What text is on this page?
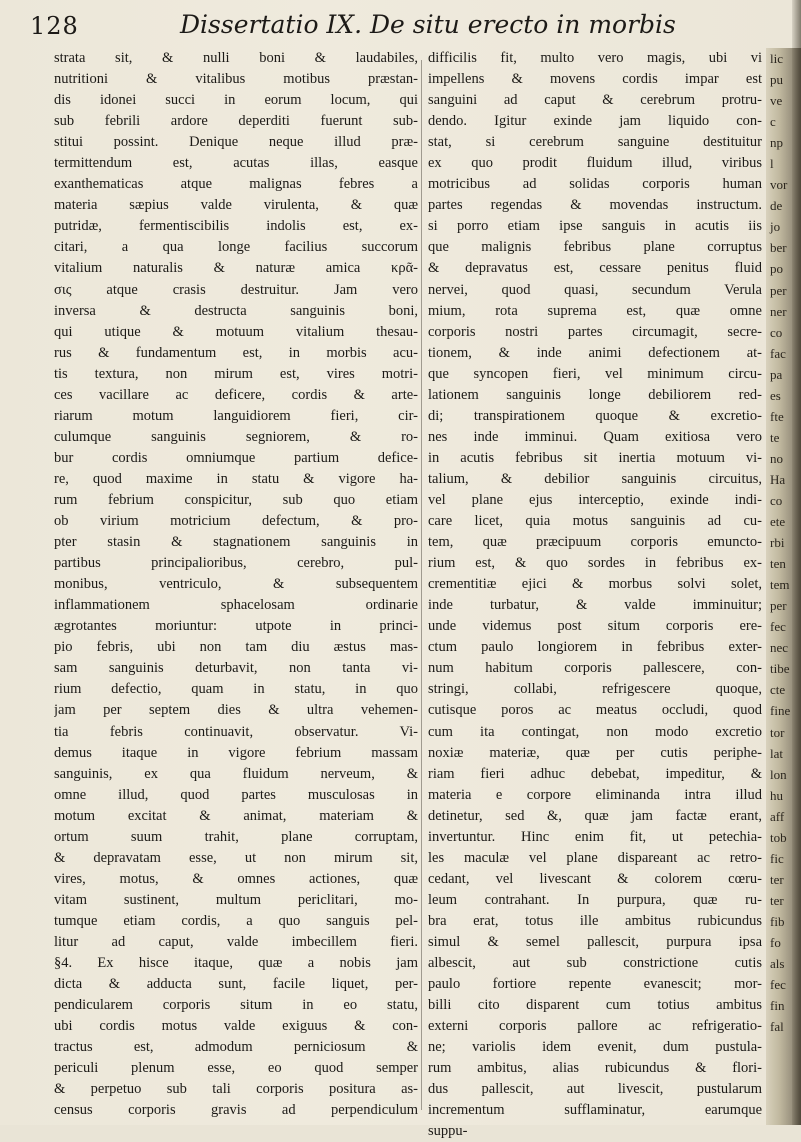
128	Dissertatio IX. De situ erecto in morbis
strata sit, & nulli boni & laudabiles,
nutritioni & vitalibus motibus præstan-
dis idonei succi in eorum locum, qui
sub febrili ardore deperditi fuerunt sub-
stitui possint. Denique neque illud præ-
termittendum est, acutas illas, easque
exanthematicas atque malignas febres a
materia sæpius valde virulenta, & quæ
putridæ, fermentiscibilis indolis est, ex-
citari, a qua longe facilius succorum
vitalium naturalis & naturæ amica κρᾶ-
σις atque crasis destruitur. Jam vero
inversa & destructa sanguinis boni,
qui utique & motuum vitalium thesau-
rus & fundamentum est, in morbis acu-
tis textura, non mirum est, vires motri-
ces vacillare ac deficere, cordis & arte-
riarum motum languidiorem fieri, cir-
culumque sanguinis segniorem, & ro-
bur cordis omniumque partium defice-
re, quod maxime in statu & vigore ha-
rum febrium conspicitur, sub quo etiam
ob virium motricium defectum, & pro-
pter stasin & stagnationem sanguinis in
partibus principalioribus, cerebro, pul-
monibus, ventriculo, & subsequentem
inflammationem sphacelosam ordinarie
ægrotantes moriuntur: utpote in princi-
pio febris, ubi non tam diu æstus mas-
sam sanguinis deturbavit, non tanta vi-
rium defectio, quam in statu, in quo
jam per septem dies & ultra vehemen-
tia febris continuavit, observatur. Vi-
demus itaque in vigore febrium massam
sanguinis, ex qua fluidum nerveum, &
omne illud, quod partes musculosas in
motum excitat & animat, materiam &
ortum suum trahit, plane corruptam,
& depravatam esse, ut non mirum sit,
vires, motus, & omnes actiones, quæ
vitam sustinent, multum periclitari, mo-
tumque etiam cordis, a quo sanguis pel-
litur ad caput, valde imbecillem fieri.
§4. Ex hisce itaque, quæ a nobis jam
dicta & adducta sunt, facile liquet, per-
pendicularem corporis situm in eo statu,
ubi cordis motus valde exiguus & con-
tractus est, admodum perniciosum &
periculi plenum esse, eo quod semper
& perpetuo sub tali corporis positura as-
census corporis gravis ad perpendiculum
difficilis fit, multo vero magis, ubi vi
impellens & movens cordis impar est
sanguini ad caput & cerebrum protru-
dendo. Igitur exinde jam liquido con-
stat, si cerebrum sanguine destituitur
ex quo prodit fluidum illud, viribus
motricibus ad solidas corporis human
partes regendas & movendas instructum.
si porro etiam ipse sanguis in acutis iis
que malignis febribus plane corruptus
& depravatus est, cessare penitus fluid
nervei, quod quasi, secundum Verula
mium, rota suprema est, quæ omne
corporis nostri partes circumagit, secre-
tionem, & inde animi defectionem at-
que syncopen fieri, vel minimum circu-
lationem sanguinis longe debiliorem red-
di; transpirationem quoque & excretio-
nes inde imminui. Quam exitiosa vero
in acutis febribus sit inertia motuum vi-
talium, & debilior sanguinis circuitus,
vel plane ejus interceptio, exinde indi-
care licet, quia motus sanguinis ad cu-
tem, quæ præcipuum corporis emuncto-
rium est, & quo sordes in febribus ex-
crementitiæ ejici & morbus solvi solet,
inde turbatur, & valde imminuitur;
unde videmus post situm corporis ere-
ctum paulo longiorem in febribus exter-
num habitum corporis pallescere, con-
stringi, collabi, refrigescere quoque,
cutisque poros ac meatus occludi, quod
cum ita contingat, non modo excretio
noxiæ materiæ, quæ per cutis periphe-
riam fieri adhuc debebat, impeditur, &
materia e corpore eliminanda intra illud
detinetur, sed &, quæ jam factæ erant,
invertuntur. Hinc enim fit, ut petechia-
les maculæ vel plane dispareant ac retro-
cedant, vel livescant & colorem cœru-
leum contrahant. In purpura, quæ ru-
bra erat, totus ille ambitus rubicundus
simul & semel pallescit, purpura ipsa
albescit, aut sub constrictione cutis
paulo fortiore repente evanescit; mor-
billi cito disparent cum totius ambitus
externi corporis pallore ac refrigeratio-
ne; variolis idem evenit, dum pustula-
rum ambitus, alias rubicundus & flori-
dus pallescit, aut livescit, pustularum
incrementum sufflaminatur, earumque
suppu-
lic
pu
ve
c
np
l
vor
de
jo
ber
po
per
ner
co
fac
pa
es
fte
te
no
Ha
co
ete
rbi
ten
tem
per
fec
nec
tibe
cte
fine
tor
lat
lon
hu
aff
tob
fic
ter
ter
fib
fo
als
fec
fin
fal
